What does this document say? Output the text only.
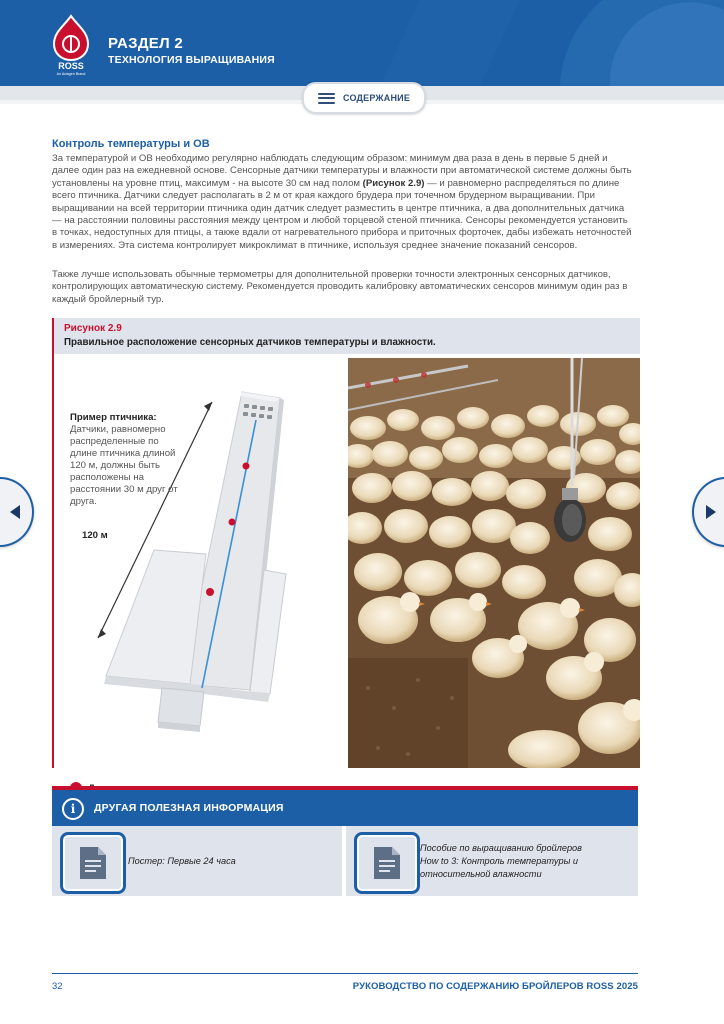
ROSS
An Aviagen Brand
РАЗДЕЛ 2
ТЕХНОЛОГИЯ ВЫРАЩИВАНИЯ
СОДЕРЖАНИЕ
Контроль температуры и ОВ
За температурой и ОВ необходимо регулярно наблюдать следующим образом: минимум два раза в день в первые 5 дней и далее один раз на ежедневной основе. Сенсорные датчики температуры и влажности при автоматической системе должны быть установлены на уровне птиц, максимум - на высоте 30 см над полом (Рисунок 2.9) — и равномерно распределяться по длине всего птичника. Датчики следует располагать в 2 м от края каждого брудера при точечном брудерном выращивании. При выращивании на всей территории птичника один датчик следует разместить в центре птичника, а два дополнительных датчика — на расстоянии половины расстояния между центром и любой торцевой стеной птичника. Сенсоры рекомендуется установить в точках, недоступных для птицы, а также вдали от нагревательного прибора и приточных форточек, дабы избежать неточностей в измерениях. Эта система контролирует микроклимат в птичнике, используя среднее значение показаний сенсоров.
Также лучше использовать обычные термометры для дополнительной проверки точности электронных сенсорных датчиков, контролирующих автоматическую систему. Рекомендуется проводить калибровку автоматических сенсоров минимум один раз в каждый бройлерный тур.
Рисунок 2.9
Правильное расположение сенсорных датчиков температуры и влажности.
Пример птичника:
Датчики, равномерно распределенные по длине птичника длиной 120 м, должны быть расположены на расстоянии 30 м друг от друга.
120 м
i	ДРУГАЯ ПОЛЕЗНАЯ ИНФОРМАЦИЯ
Постер: Первые 24 часа
Пособие по выращиванию бройлеров
How to 3: Контроль температуры и
относительной влажности
32	РУКОВОДСТВО ПО СОДЕРЖАНИЮ БРОЙЛЕРОВ ROSS 2025
